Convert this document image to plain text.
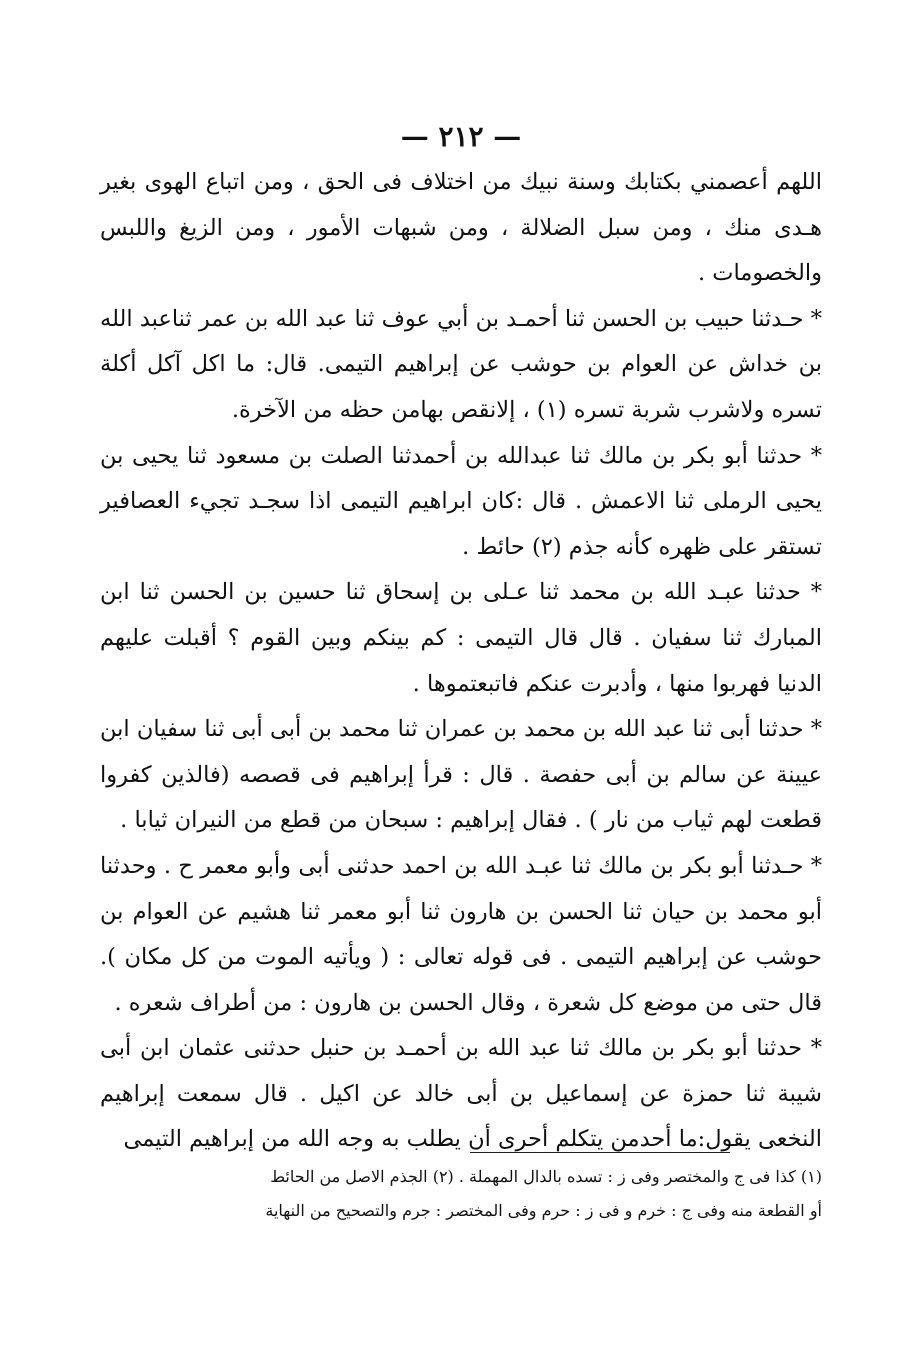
— ٢١٢ —

اللهم أعصمني بكتابك وسنة نبيك من اختلاف فى الحق ، ومن اتباع الهوى بغير هـدى منك ، ومن سبل الضلالة ، ومن شبهات الأمور ، ومن الزيغ واللبس والخصومات .

* حـدثنا حبيب بن الحسن ثنا أحمـد بن أبي عوف ثنا عبد الله بن عمر ثناعبد الله بن خداش عن العوام بن حوشب عن إبراهيم التيمى. قال: ما اكل آكل أكلة تسره ولاشرب شربة تسره (١) ، إلانقص بهامن حظه من الآخرة.

* حدثنا أبو بكر بن مالك ثنا عبدالله بن أحمدثنا الصلت بن مسعود ثنا يحيى بن يحيى الرملى ثنا الاعمش . قال :كان ابراهيم التيمى اذا سجـد تجيء العصافير تستقر على ظهره كأنه جذم (٢) حائط .

* حدثنا عبـد الله بن محمد ثنا عـلى بن إسحاق ثنا حسين بن الحسن ثنا ابن المبارك ثنا سفيان . قال قال التيمى : كم بينكم وبين القوم ؟ أقبلت عليهم الدنيا فهربوا منها ، وأدبرت عنكم فاتبعتموها .

* حدثنا أبى ثنا عبد الله بن محمد بن عمران ثنا محمد بن أبى أبى ثنا سفيان ابن عيينة عن سالم بن أبى حفصة . قال : قرأ إبراهيم فى قصصه (فالذين كفروا قطعت لهم ثياب من نار ) . فقال إبراهيم : سبحان من قطع من النيران ثيابا .

* حـدثنا أبو بكر بن مالك ثنا عبـد الله بن احمد حدثنى أبى وأبو معمر ح . وحدثنا أبو محمد بن حيان ثنا الحسن بن هارون ثنا أبو معمر ثنا هشيم عن العوام بن حوشب عن إبراهيم التيمى . فى قوله تعالى : ( ويأتيه الموت من كل مكان ). قال حتى من موضع كل شعرة ، وقال الحسن بن هارون : من أطراف شعره .

* حدثنا أبو بكر بن مالك ثنا عبد الله بن أحمـد بن حنبل حدثنى عثمان ابن أبى شيبة ثنا حمزة عن إسماعيل بن أبى خالد عن اكيل . قال سمعت إبراهيم النخعى يقول:ما أحدمن يتكلم أحرى أن يطلب به وجه الله من إبراهيم التيمى

(١) كذا فى ج والمختصر وفى ز : تسده بالدال المهملة . (٢) الجذم الاصل من الحائط

أو القطعة منه وفى ج : خرم و فى ز : حرم وفى المختصر : جرم والتصحيح من النهاية
